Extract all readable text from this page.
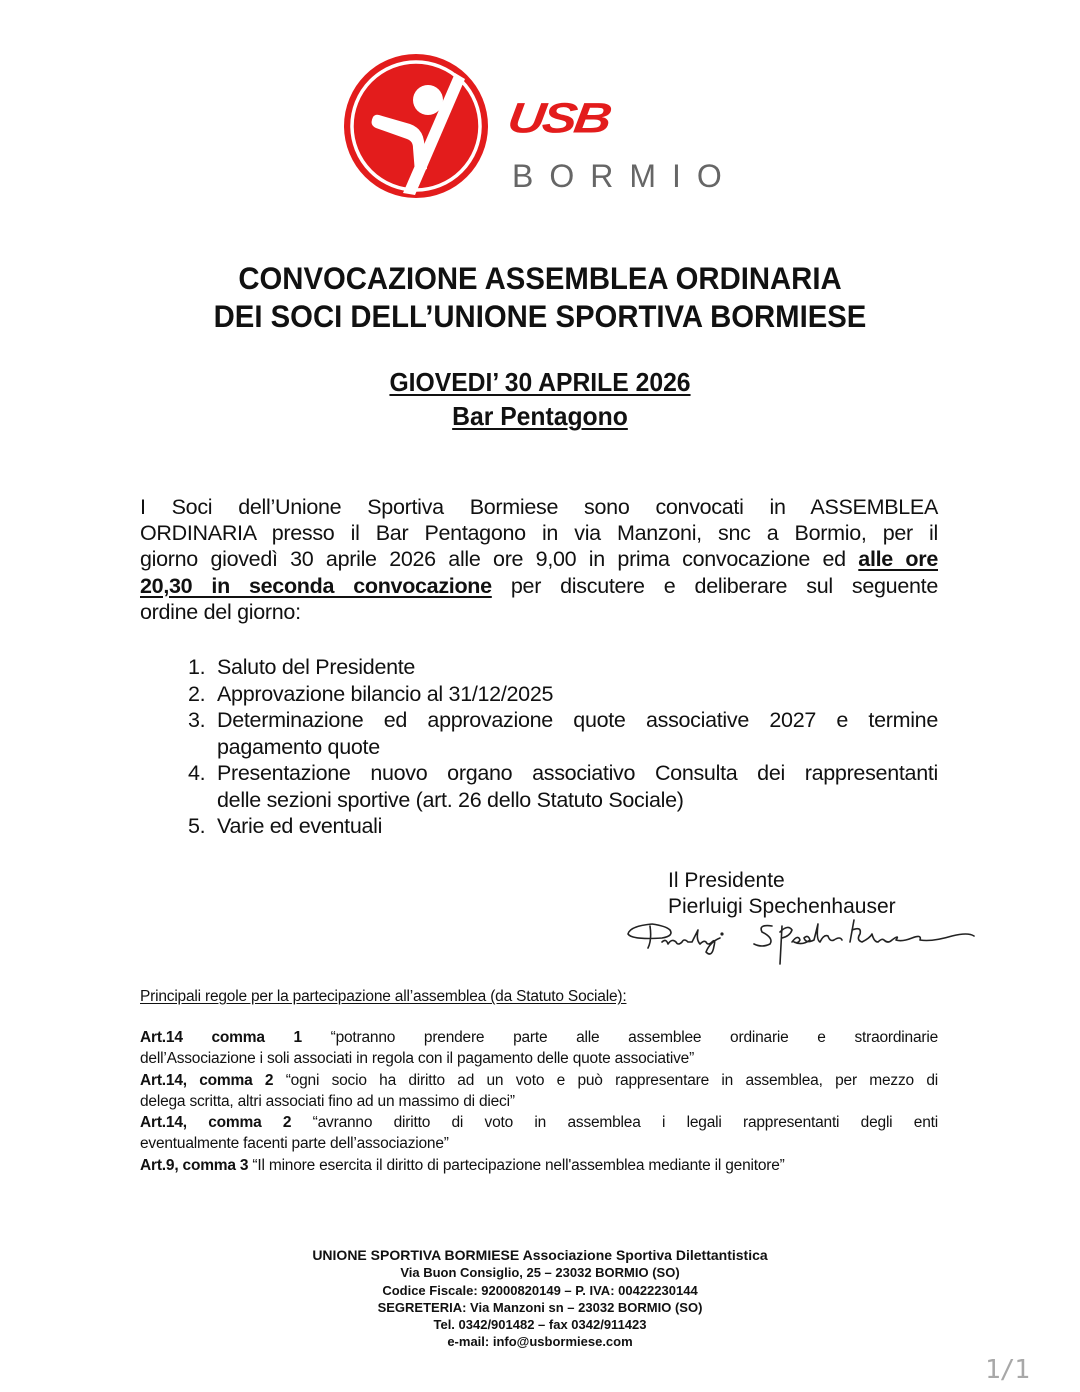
USB
BORMIO
CONVOCAZIONE ASSEMBLEA ORDINARIA
DEI SOCI DELL’UNIONE SPORTIVA BORMIESE
GIOVEDI’ 30 APRILE 2026
Bar Pentagono
I Soci dell’Unione Sportiva Bormiese sono convocati in ASSEMBLEA
ORDINARIA presso il Bar Pentagono in via Manzoni, snc a Bormio, per il
giorno giovedì 30 aprile 2026 alle ore 9,00 in prima convocazione ed alle ore
20,30 in seconda convocazione per discutere e deliberare sul seguente
ordine del giorno:
1. Saluto del Presidente
2. Approvazione bilancio al 31/12/2025
3. Determinazione ed approvazione quote associative 2027 e termine
pagamento quote
4. Presentazione nuovo organo associativo Consulta dei rappresentanti
delle sezioni sportive (art. 26 dello Statuto Sociale)
5. Varie ed eventuali
Il Presidente
Pierluigi Spechenhauser
Principali regole per la partecipazione all’assemblea (da Statuto Sociale):
Art.14 comma 1 “potranno prendere parte alle assemblee ordinarie e straordinarie
dell’Associazione i soli associati in regola con il pagamento delle quote associative”
Art.14, comma 2 “ogni socio ha diritto ad un voto e può rappresentare in assemblea, per mezzo di
delega scritta, altri associati fino ad un massimo di dieci”
Art.14, comma 2 “avranno diritto di voto in assemblea i legali rappresentanti degli enti
eventualmente facenti parte dell’associazione”
Art.9, comma 3 “Il minore esercita il diritto di partecipazione nell'assemblea mediante il genitore”
UNIONE SPORTIVA BORMIESE Associazione Sportiva Dilettantistica
Via Buon Consiglio, 25 – 23032 BORMIO (SO)
Codice Fiscale: 92000820149 – P. IVA: 00422230144
SEGRETERIA: Via Manzoni sn – 23032 BORMIO (SO)
Tel. 0342/901482 – fax 0342/911423
e-mail: info@usbormiese.com
1/1
